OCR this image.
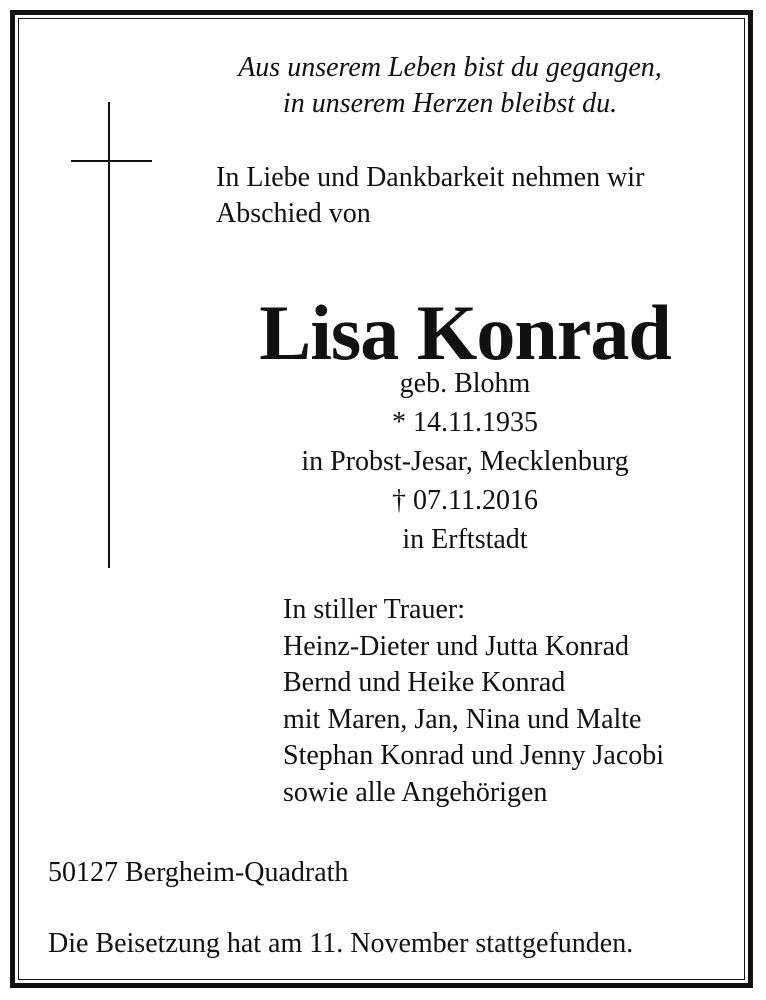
Aus unserem Leben bist du gegangen,
in unserem Herzen bleibst du.
In Liebe und Dankbarkeit nehmen wir
Abschied von
Lisa Konrad
geb. Blohm
* 14.11.1935
in Probst-Jesar, Mecklenburg
† 07.11.2016
in Erftstadt
In stiller Trauer:
Heinz-Dieter und Jutta Konrad
Bernd und Heike Konrad
mit Maren, Jan, Nina und Malte
Stephan Konrad und Jenny Jacobi
sowie alle Angehörigen
50127 Bergheim-Quadrath
Die Beisetzung hat am 11. November stattgefunden.
